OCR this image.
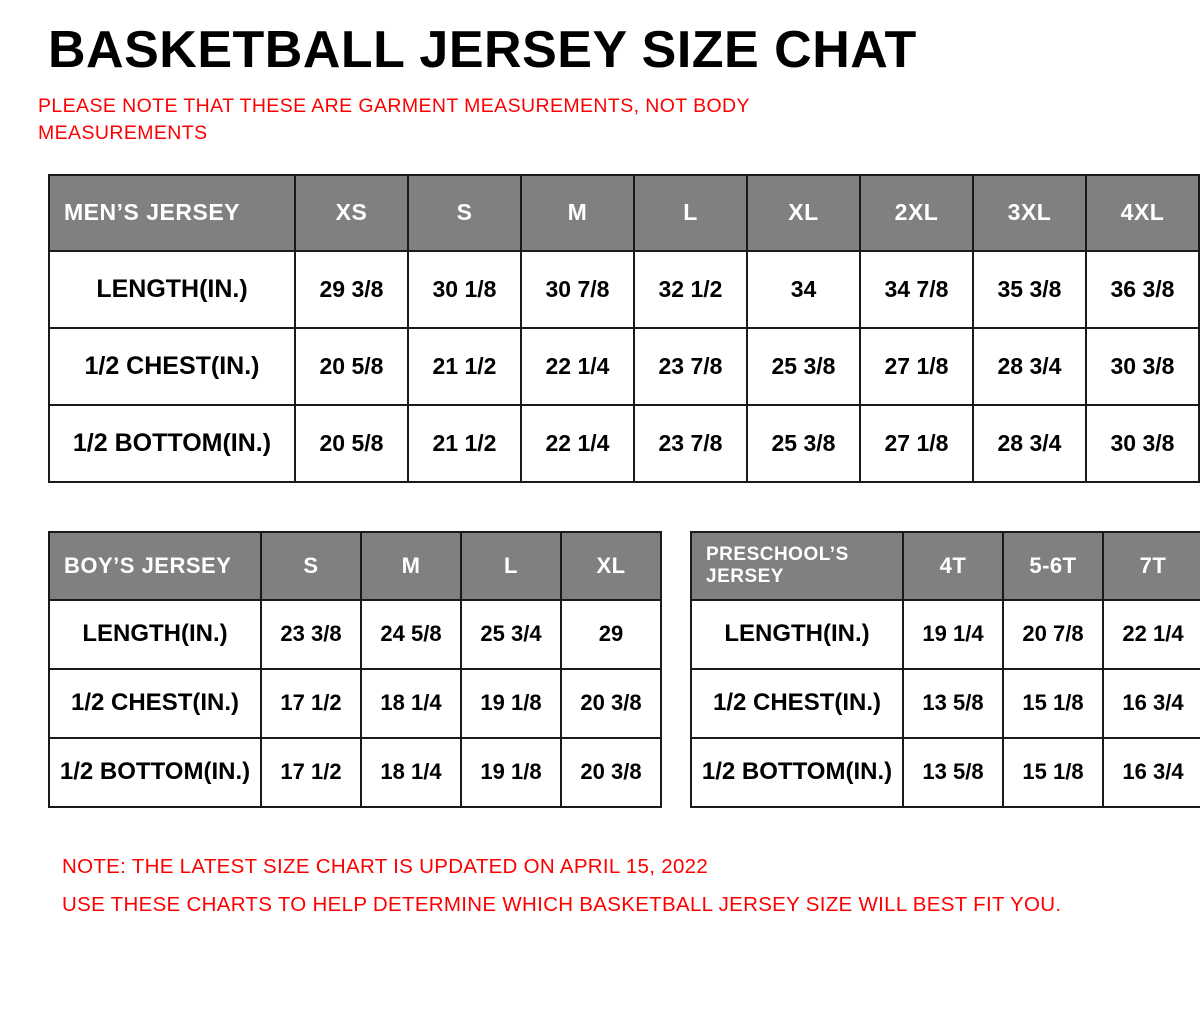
BASKETBALL JERSEY SIZE CHAT
PLEASE NOTE THAT THESE ARE GARMENT MEASUREMENTS, NOT BODY MEASUREMENTS
MEN’S JERSEY	XS	S	M	L	XL	2XL	3XL	4XL
LENGTH(IN.)	29 3/8	30 1/8	30 7/8	32 1/2	34	34 7/8	35 3/8	36 3/8
1/2 CHEST(IN.)	20 5/8	21 1/2	22 1/4	23 7/8	25 3/8	27 1/8	28 3/4	30 3/8
1/2 BOTTOM(IN.)	20 5/8	21 1/2	22 1/4	23 7/8	25 3/8	27 1/8	28 3/4	30 3/8
BOY’S JERSEY	S	M	L	XL
LENGTH(IN.)	23 3/8	24 5/8	25 3/4	29
1/2 CHEST(IN.)	17 1/2	18 1/4	19 1/8	20 3/8
1/2 BOTTOM(IN.)	17 1/2	18 1/4	19 1/8	20 3/8
PRESCHOOL’S JERSEY	4T	5-6T	7T
LENGTH(IN.)	19 1/4	20 7/8	22 1/4
1/2 CHEST(IN.)	13 5/8	15 1/8	16 3/4
1/2 BOTTOM(IN.)	13 5/8	15 1/8	16 3/4
NOTE: THE LATEST SIZE CHART IS UPDATED ON APRIL 15, 2022
USE THESE CHARTS TO HELP DETERMINE WHICH BASKETBALL JERSEY SIZE WILL BEST FIT YOU.
